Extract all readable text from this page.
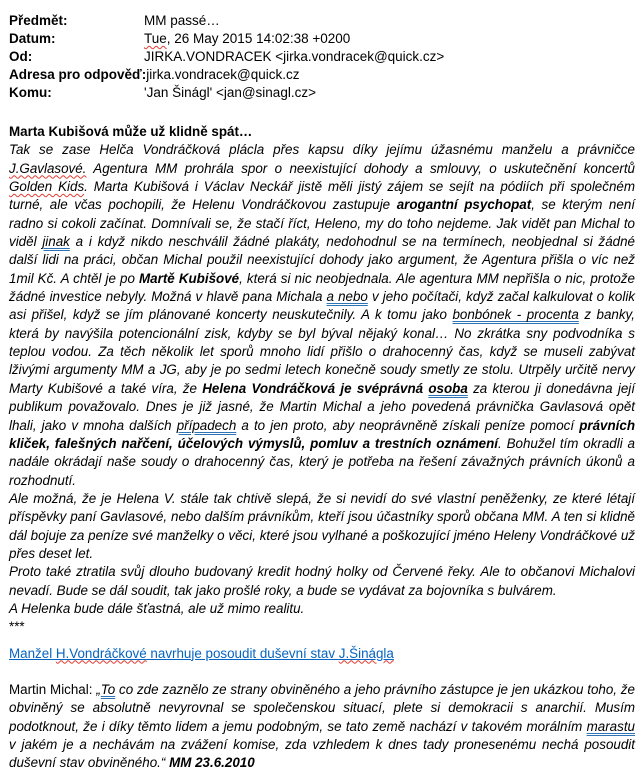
Předmět:	MM passé…
Datum:	Tue, 26 May 2015 14:02:38 +0200
Od:	JIRKA.VONDRACEK <jirka.vondracek@quick.cz>
Adresa pro odpověď: jirka.vondracek@quick.cz
Komu:	'Jan Šinágl' <jan@sinagl.cz>

Marta Kubišová může už klidně spát…

Tak se zase Helča Vondráčková plácla přes kapsu díky jejímu úžasnému manželu a právničce J.Gavlasové. Agentura MM prohrála spor o neexistující dohody a smlouvy, o uskutečnění koncertů Golden Kids. Marta Kubišová i Václav Neckář jistě měli jistý zájem se sejít na pódiích při společném turné, ale včas pochopili, že Helenu Vondráčkovou zastupuje arogantní psychopat, se kterým není radno si cokoli začínat. Domnívali se, že stačí říct, Heleno, my do toho nejdeme. Jak vidět pan Michal to viděl jinak a i když nikdo neschválil žádné plakáty, nedohodnul se na termínech, neobjednal si žádné další lidi na práci, občan Michal použil neexistující dohody jako argument, že Agentura přišla o víc než 1mil Kč. A chtěl je po Martě Kubišové, která si nic neobjednala. Ale agentura MM nepřišla o nic, protože žádné investice nebyly. Možná v hlavě pana Michala a nebo v jeho počítači, když začal kalkulovat o kolik asi přišel, když se jím plánované koncerty neuskutečnily. A k tomu jako bonbónek - procenta z banky, která by navýšila potencionální zisk, kdyby se byl býval nějaký konal… No zkrátka sny podvodníka s teplou vodou. Za těch několik let sporů mnoho lidí přišlo o drahocenný čas, když se museli zabývat lživými argumenty MM a JG, aby je po sedmi letech konečně soudy smetly ze stolu. Utrpěly určitě nervy Marty Kubišové a také víra, že Helena Vondráčková je svéprávná osoba za kterou ji donedávna její publikum považovalo. Dnes je již jasné, že Martin Michal a jeho povedená právnička Gavlasová opět lhali, jako v mnoha dalších případech a to jen proto, aby neoprávněně získali peníze pomocí právních kliček, falešných nařčení, účelových výmyslů, pomluv a trestních oznámení. Bohužel tím okradli a nadále okrádají naše soudy o drahocenný čas, který je potřeba na řešení závažných právních úkonů a rozhodnutí.

Ale možná, že je Helena V. stále tak chtivě slepá, že si nevidí do své vlastní peněženky, ze které létají příspěvky paní Gavlasové, nebo dalším právníkům, kteří jsou účastníky sporů občana MM. A ten si klidně dál bojuje za peníze své manželky o věci, které jsou vylhané a poškozující jméno Heleny Vondráčkové už přes deset let.

Proto také ztratila svůj dlouho budovaný kredit hodný holky od Červené řeky. Ale to občanovi Michalovi nevadí. Bude se dál soudit, tak jako prošlé roky, a bude se vydávat za bojovníka s bulvárem.

A Helenka bude dále šťastná, ale už mimo realitu.

***

Manžel H.Vondráčkové navrhuje posoudit duševní stav J.Šinágla

Martin Michal: „To co zde zaznělo ze strany obviněného a jeho právního zástupce je jen ukázkou toho, že obviněný se absolutně nevyrovnal se společenskou situací, plete si demokracii s anarchií. Musím podotknout, že i díky těmto lidem a jemu podobným, se tato země nachází v takovém morálním marastu v jakém je a nechávám na zvážení komise, zda vzhledem k dnes tady pronesenému nechá posoudit duševní stav obviněného.“ MM 23.6.2010
